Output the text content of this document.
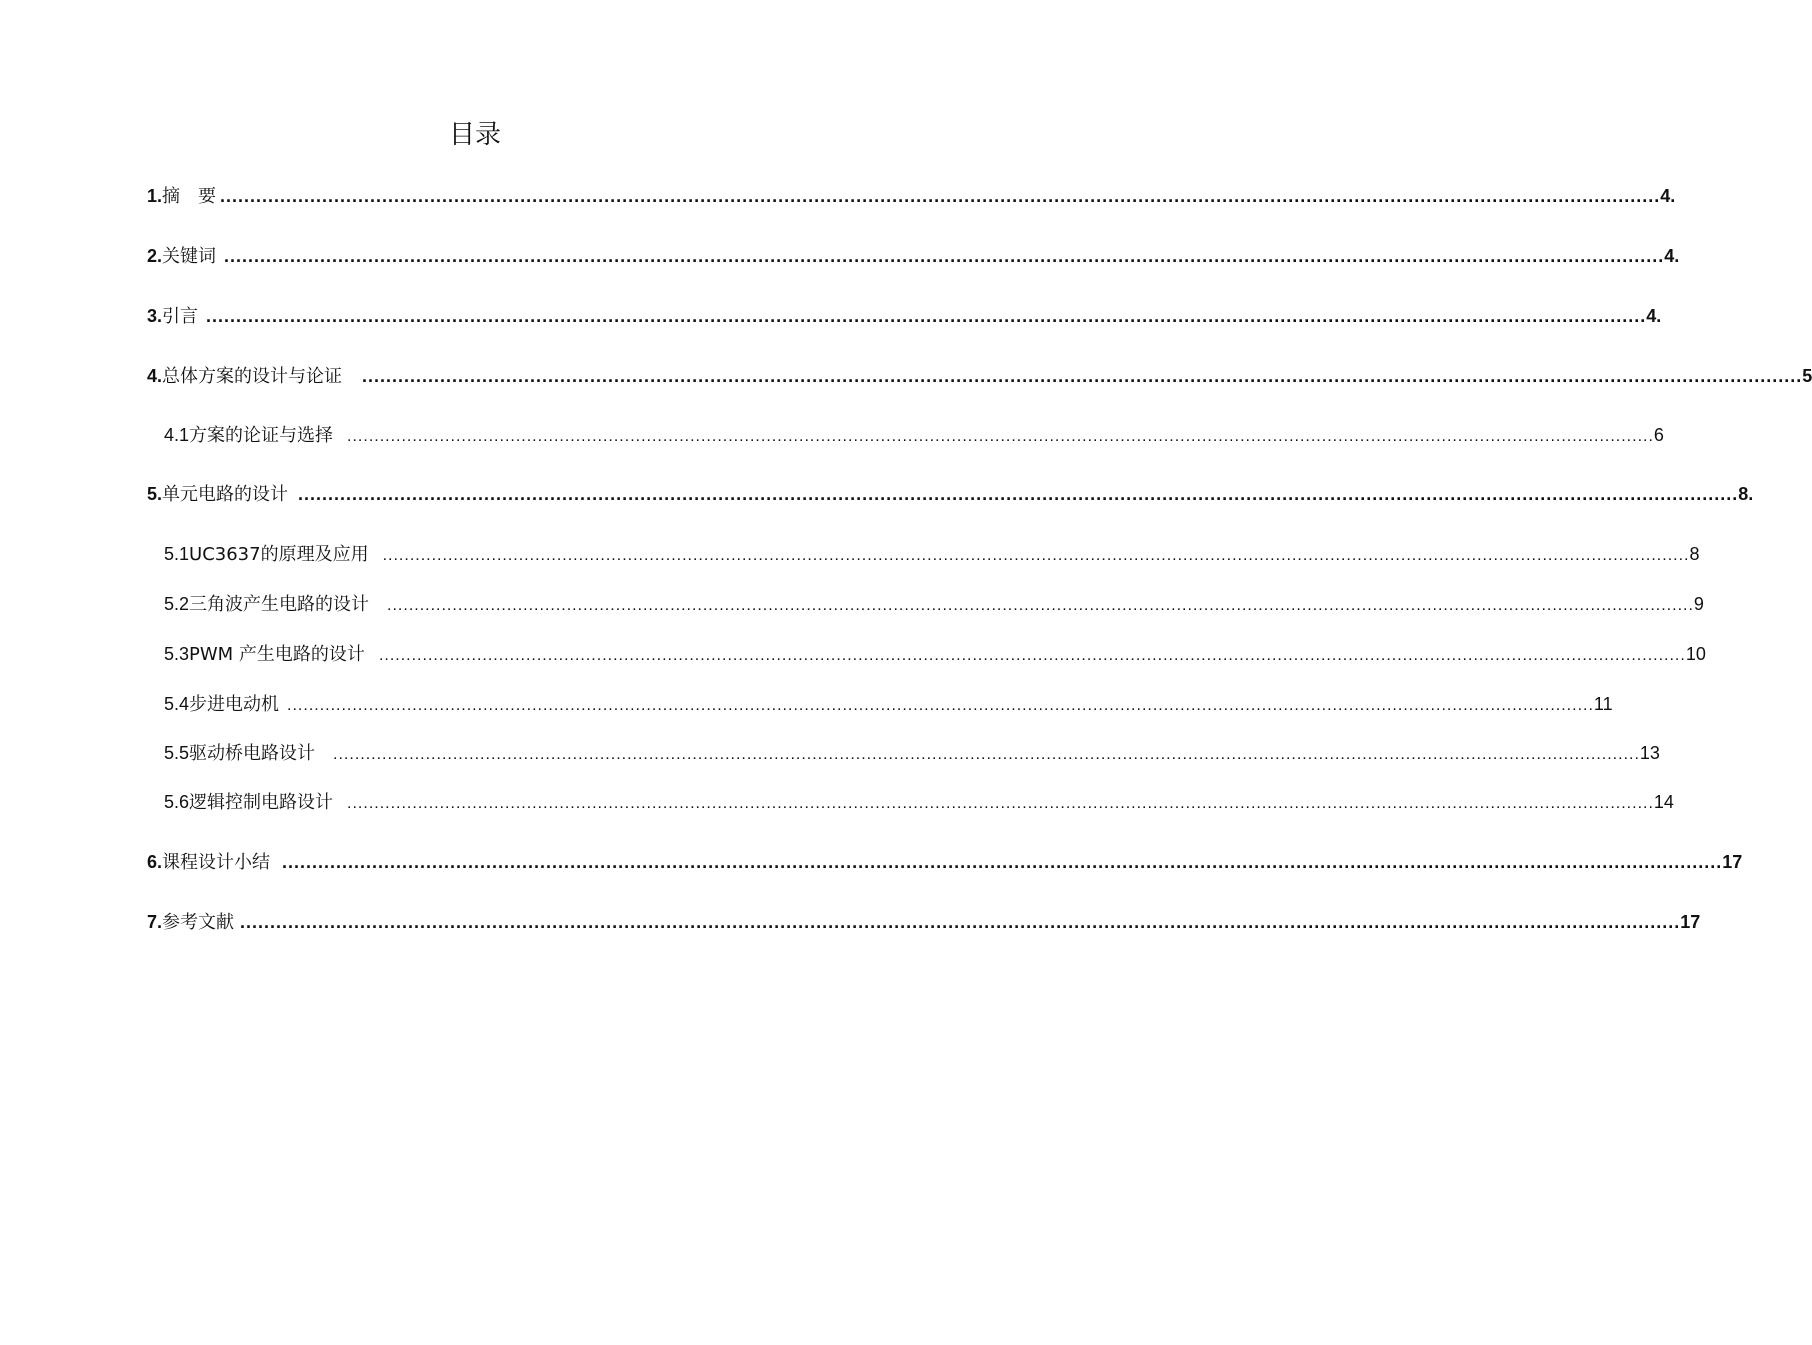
目录
1. 摘　要 ................................................................................................................................................................................................................................................ 4.
2. 关键词 ................................................................................................................................................................................................................................................ 4.
3. 引言 ................................................................................................................................................................................................................................................ 4.
4. 总体方案的设计与论证 ................................................................................................................................................................................................................................................ 5
4.1 方案的论证与选择 ................................................................................................................................................................................................................................................ 6
5. 单元电路的设计 ................................................................................................................................................................................................................................................ 8.
5.1 UC3637的原理及应用 ................................................................................................................................................................................................................................................ 8
5.2 三角波产生电路的设计 ................................................................................................................................................................................................................................................ 9
5.3 PWM 产生电路的设计 ................................................................................................................................................................................................................................................ 10
5.4 步进电动机 ................................................................................................................................................................................................................................................ 11
5.5 驱动桥电路设计 ................................................................................................................................................................................................................................................ 13
5.6 逻辑控制电路设计 ................................................................................................................................................................................................................................................ 14
6. 课程设计小结 ................................................................................................................................................................................................................................................ 17
7. 参考文献 ................................................................................................................................................................................................................................................ 17
